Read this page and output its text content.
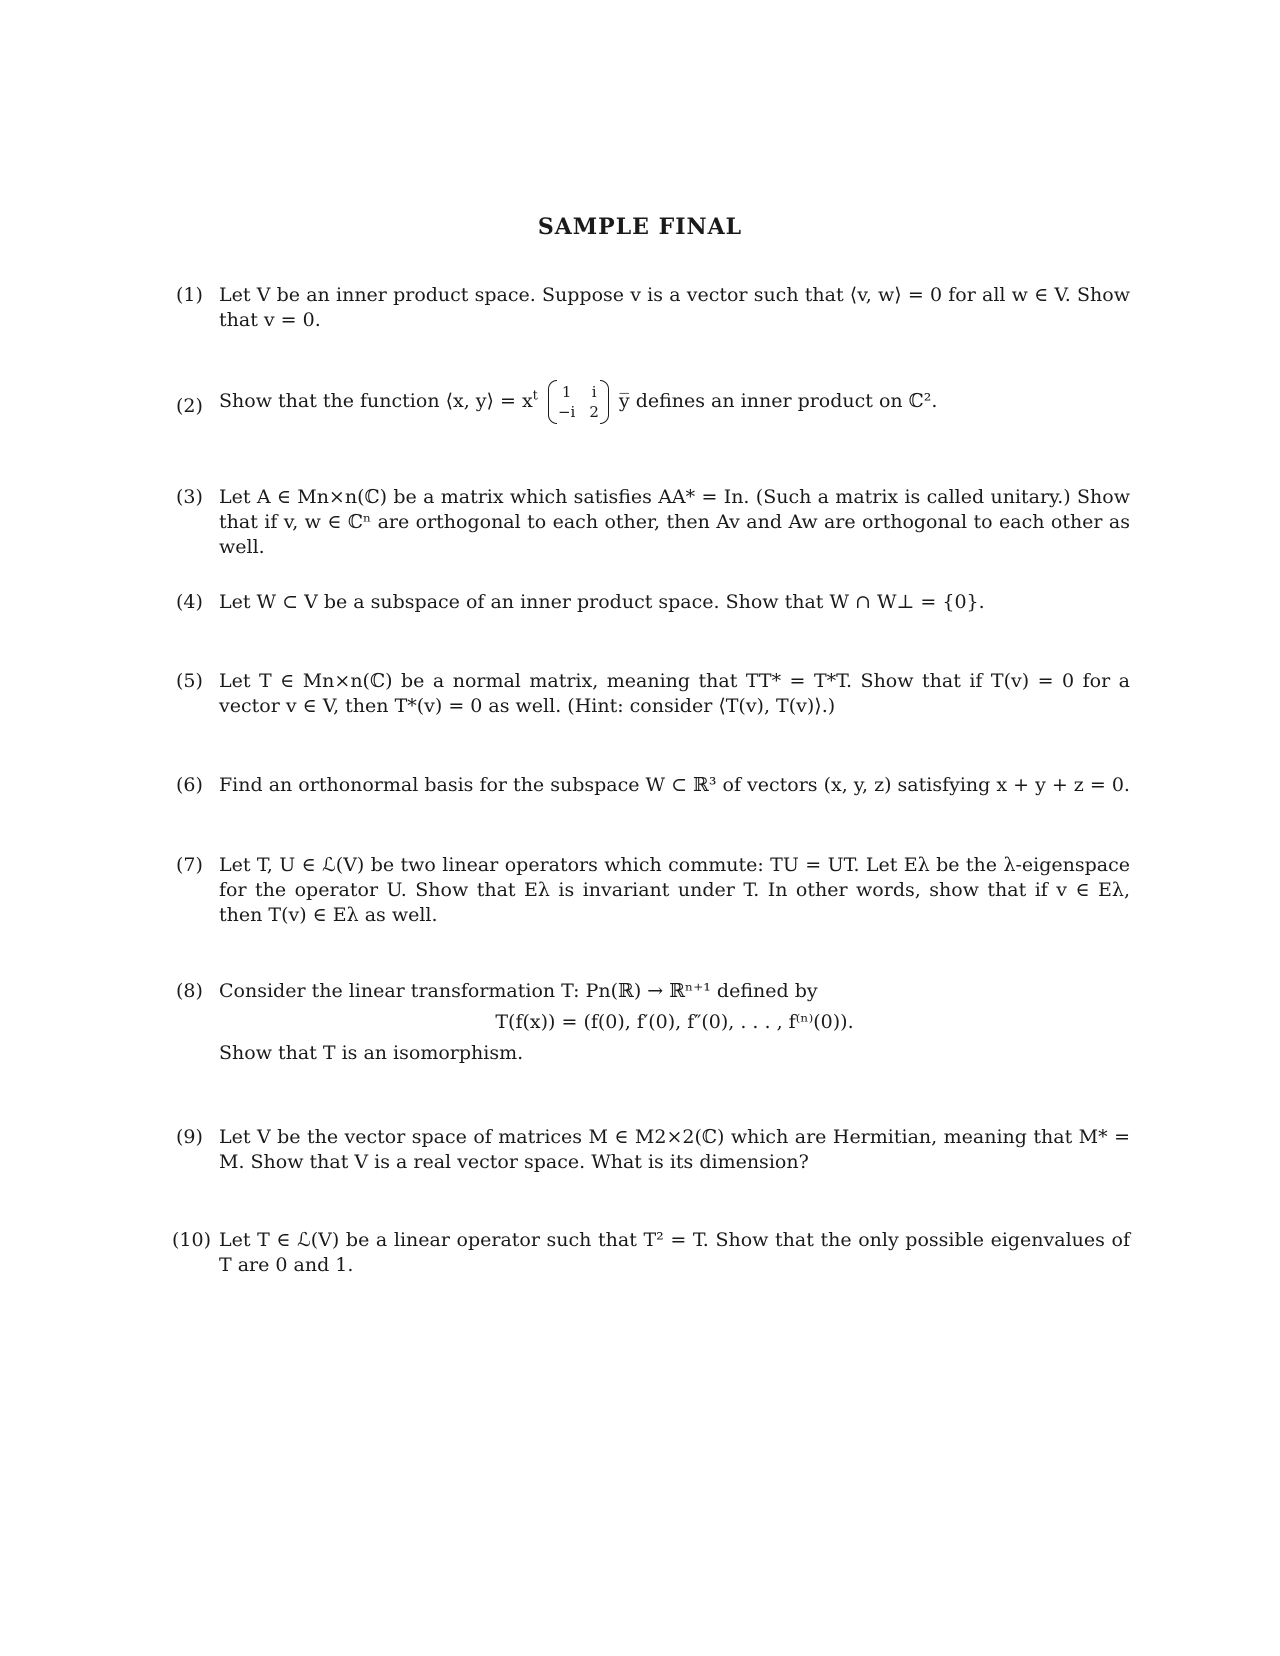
SAMPLE FINAL
(1) Let V be an inner product space. Suppose v is a vector such that ⟨v, w⟩ = 0 for all w ∈ V. Show that v = 0.
(2) Show that the function ⟨x, y⟩ = $x^t$ 1 i
−i 2 y̅ defines an inner product on ℂ².
(3) Let A ∈ Mn×n(ℂ) be a matrix which satisfies AA* = In. (Such a matrix is called unitary.) Show that if v, w ∈ ℂⁿ are orthogonal to each other, then Av and Aw are orthogonal to each other as well.
(4) Let W ⊂ V be a subspace of an inner product space. Show that W ∩ W⊥ = {0}.
(5) Let T ∈ Mn×n(ℂ) be a normal matrix, meaning that TT* = T*T. Show that if T(v) = 0 for a vector v ∈ V, then T*(v) = 0 as well. (Hint: consider ⟨T(v), T(v)⟩.)
(6) Find an orthonormal basis for the subspace W ⊂ ℝ³ of vectors (x, y, z) satisfying x + y + z = 0.
(7) Let T, U ∈ ℒ(V) be two linear operators which commute: TU = UT. Let Eλ be the λ-eigenspace for the operator U. Show that Eλ is invariant under T. In other words, show that if v ∈ Eλ, then T(v) ∈ Eλ as well.
(8) Consider the linear transformation T: Pn(ℝ) → ℝⁿ⁺¹ defined by
T(f(x)) = (f(0), f′(0), f″(0), . . . , f⁽ⁿ⁾(0)).
Show that T is an isomorphism.
(9) Let V be the vector space of matrices M ∈ M2×2(ℂ) which are Hermitian, meaning that M* = M. Show that V is a real vector space. What is its dimension?
(10) Let T ∈ ℒ(V) be a linear operator such that T² = T. Show that the only possible eigenvalues of T are 0 and 1.
